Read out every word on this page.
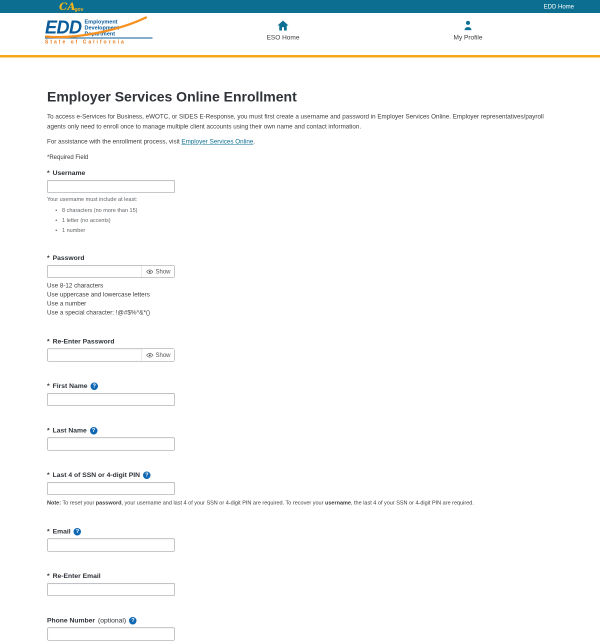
CAgov	EDD Home
EDD Employment
Development
Department
State of California
ESO Home	My Profile
Employer Services Online Enrollment

To access e-Services for Business, eWOTC, or SIDES E-Response, you must first create a username and password in Employer Services Online. Employer representatives/payroll agents only need to enroll once to manage multiple client accounts using their own name and contact information.

For assistance with the enrollment process, visit Employer Services Online.

*Required Field

* Username
Your username must include at least:
• 8 characters (no more than 15)
• 1 letter (no accents)
• 1 number
* Password
Show
Use 8-12 characters
Use uppercase and lowercase letters
Use a number
Use a special character: !@#$%^&*()
* Re-Enter Password
Show
* First Name ?
* Last Name ?
* Last 4 of SSN or 4-digit PIN ?

Note: To reset your password, your username and last 4 of your SSN or 4-digit PIN are required. To recover your username, the last 4 of your SSN or 4-digit PIN are required.

* Email ?
* Re-Enter Email
Phone Number (optional) ?
